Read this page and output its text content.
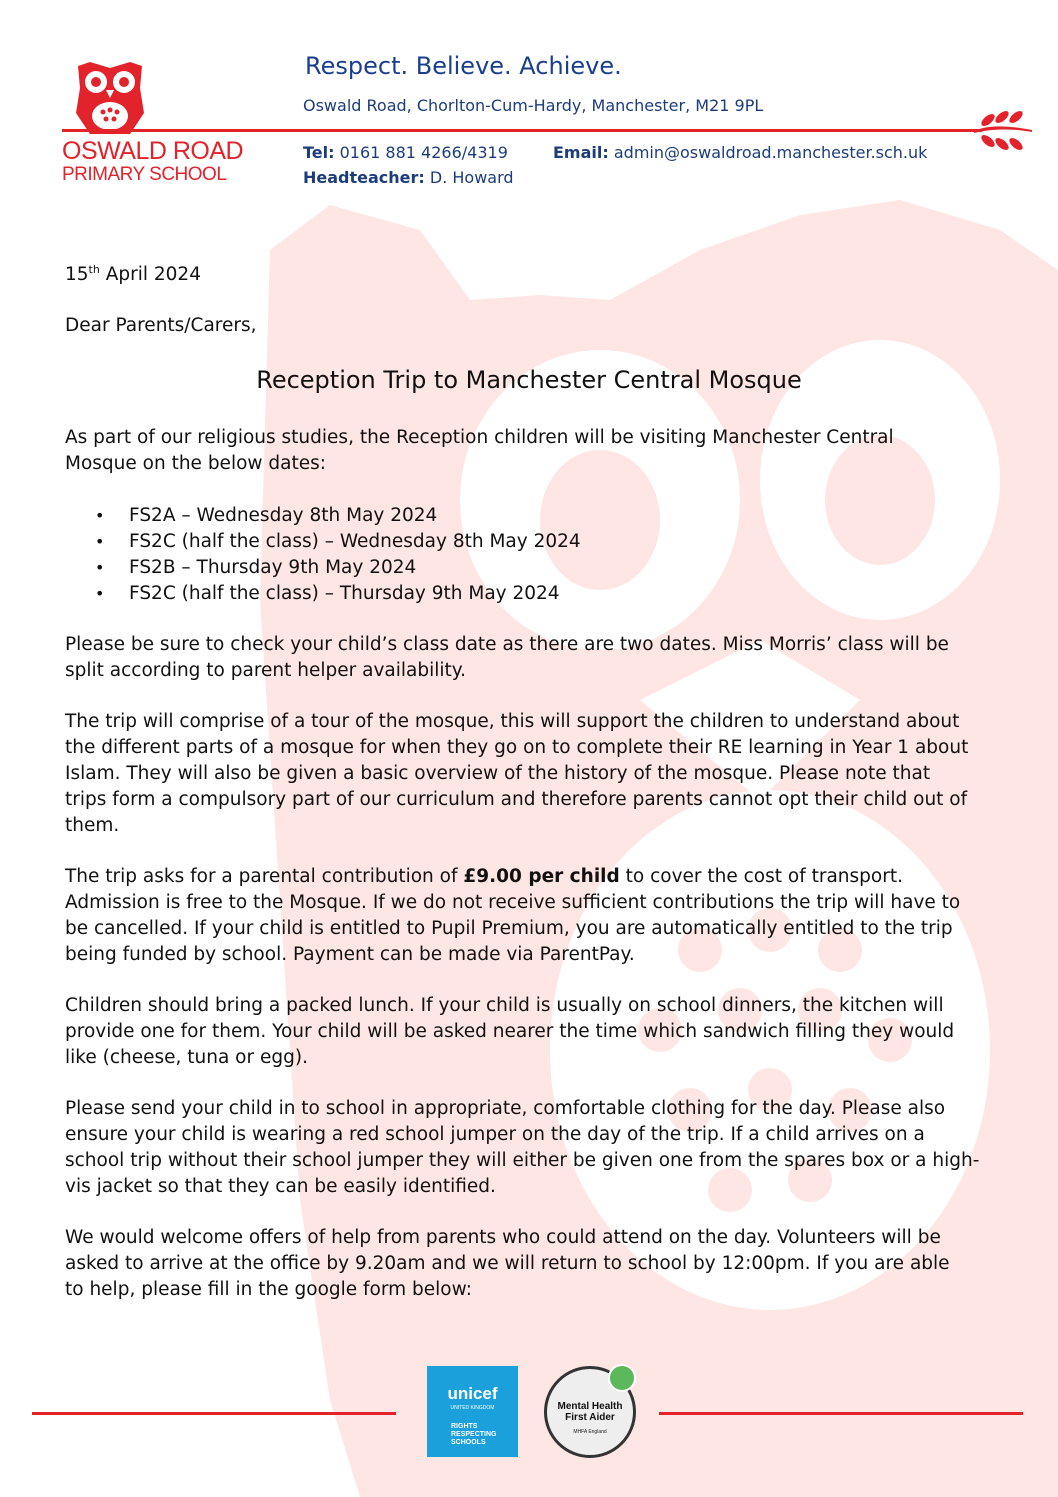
OSWALD ROAD
PRIMARY SCHOOL
Respect. Believe. Achieve.
Oswald Road, Chorlton-Cum-Hardy, Manchester, M21 9PL
Tel: 0161 881 4266/4319	Email: admin@oswaldroad.manchester.sch.uk
Headteacher: D. Howard
15th April 2024
Dear Parents/Carers,
Reception Trip to Manchester Central Mosque
As part of our religious studies, the Reception children will be visiting Manchester Central Mosque on the below dates:
• FS2A – Wednesday 8th May 2024
• FS2C (half the class) – Wednesday 8th May 2024
• FS2B – Thursday 9th May 2024
• FS2C (half the class) – Thursday 9th May 2024
Please be sure to check your child’s class date as there are two dates. Miss Morris’ class will be split according to parent helper availability.
The trip will comprise of a tour of the mosque, this will support the children to understand about the different parts of a mosque for when they go on to complete their RE learning in Year 1 about Islam. They will also be given a basic overview of the history of the mosque. Please note that trips form a compulsory part of our curriculum and therefore parents cannot opt their child out of them.
The trip asks for a parental contribution of £9.00 per child to cover the cost of transport. Admission is free to the Mosque. If we do not receive sufficient contributions the trip will have to be cancelled. If your child is entitled to Pupil Premium, you are automatically entitled to the trip being funded by school. Payment can be made via ParentPay.
Children should bring a packed lunch. If your child is usually on school dinners, the kitchen will provide one for them. Your child will be asked nearer the time which sandwich filling they would like (cheese, tuna or egg).
Please send your child in to school in appropriate, comfortable clothing for the day. Please also ensure your child is wearing a red school jumper on the day of the trip. If a child arrives on a school trip without their school jumper they will either be given one from the spares box or a high-vis jacket so that they can be easily identified.
We would welcome offers of help from parents who could attend on the day. Volunteers will be asked to arrive at the office by 9.20am and we will return to school by 12:00pm. If you are able to help, please fill in the google form below:
unicef
UNITED KINGDOM
RIGHTS RESPECTING SCHOOLS
Mental Health First Aider
MHFA England
